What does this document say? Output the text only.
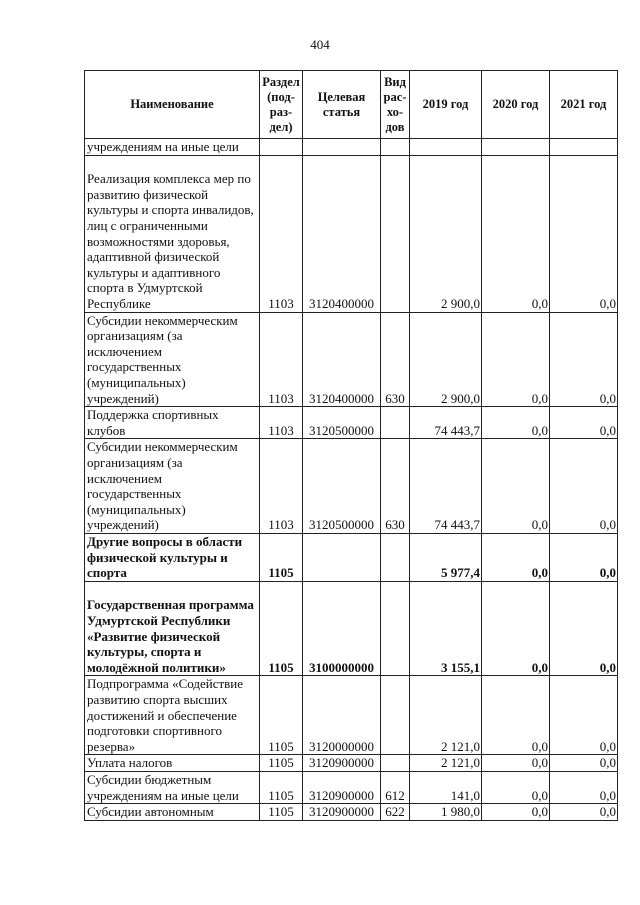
404
Наименование	Раздел (под-раз-дел)	Целевая статья	Вид рас-хо-дов	2019 год	2020 год	2021 год
учреждениям на иные цели						
Реализация комплекса мер по развитию физической культуры и спорта инвалидов, лиц с ограниченными возможностями здоровья, адаптивной физической культуры и адаптивного спорта в Удмуртской Республике	1103	3120400000		2 900,0	0,0	0,0
Субсидии некоммерческим организациям (за исключением государственных (муниципальных) учреждений)	1103	3120400000	630	2 900,0	0,0	0,0
Поддержка спортивных клубов	1103	3120500000		74 443,7	0,0	0,0
Субсидии некоммерческим организациям (за исключением государственных (муниципальных) учреждений)	1103	3120500000	630	74 443,7	0,0	0,0
Другие вопросы в области физической культуры и спорта	1105			5 977,4	0,0	0,0
Государственная программа Удмуртской Республики «Развитие физической культуры, спорта и молодёжной политики»	1105	3100000000		3 155,1	0,0	0,0
Подпрограмма «Содействие развитию спорта высших достижений и обеспечение подготовки спортивного резерва»	1105	3120000000		2 121,0	0,0	0,0
Уплата налогов	1105	3120900000		2 121,0	0,0	0,0
Субсидии бюджетным учреждениям на иные цели	1105	3120900000	612	141,0	0,0	0,0
Субсидии автономным	1105	3120900000	622	1 980,0	0,0	0,0
